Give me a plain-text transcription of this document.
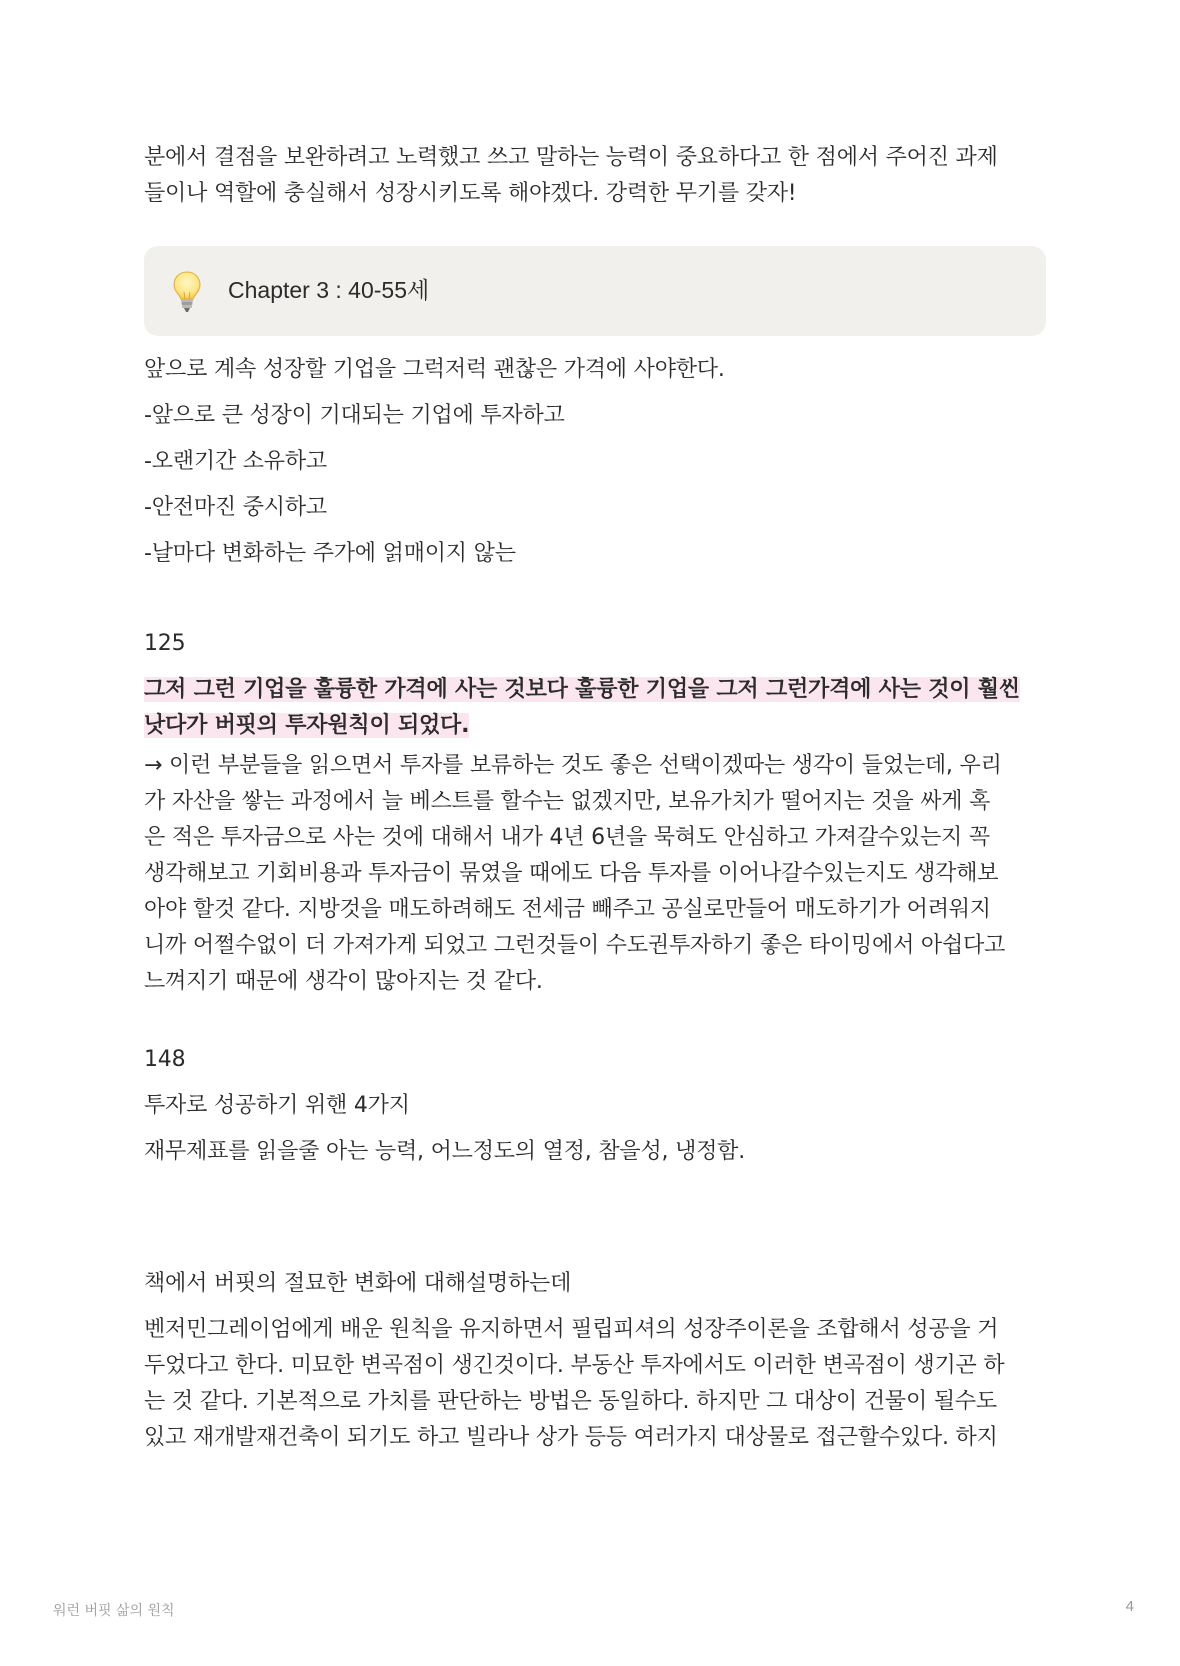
분에서 결점을 보완하려고 노력했고 쓰고 말하는 능력이 중요하다고 한 점에서 주어진 과제

들이나 역할에 충실해서 성장시키도록 해야겠다. 강력한 무기를 갖자!

Chapter 3 : 40-55세

앞으로 계속 성장할 기업을 그럭저럭 괜찮은 가격에 사야한다.

-앞으로 큰 성장이 기대되는 기업에 투자하고

-오랜기간 소유하고

-안전마진 중시하고

-날마다 변화하는 주가에 얽매이지 않는

125

그저 그런 기업을 훌륭한 가격에 사는 것보다 훌륭한 기업을 그저 그런가격에 사는 것이 훨씬

낫다가 버핏의 투자원칙이 되었다.

→ 이런 부분들을 읽으면서 투자를 보류하는 것도 좋은 선택이겠따는 생각이 들었는데, 우리

가 자산을 쌓는 과정에서 늘 베스트를 할수는 없겠지만, 보유가치가 떨어지는 것을 싸게 혹

은 적은 투자금으로 사는 것에 대해서 내가 4년 6년을 묵혀도 안심하고 가져갈수있는지 꼭

생각해보고 기회비용과 투자금이 묶였을 때에도 다음 투자를 이어나갈수있는지도 생각해보

아야 할것 같다. 지방것을 매도하려해도 전세금 빼주고 공실로만들어 매도하기가 어려워지

니까 어쩔수없이 더 가져가게 되었고 그런것들이 수도권투자하기 좋은 타이밍에서 아쉽다고

느껴지기 때문에 생각이 많아지는 것 같다.

148

투자로 성공하기 위핸 4가지

재무제표를 읽을줄 아는 능력, 어느정도의 열정, 참을성, 냉정함.

책에서 버핏의 절묘한 변화에 대해설명하는데

벤저민그레이엄에게 배운 원칙을 유지하면서 필립피셔의 성장주이론을 조합해서 성공을 거

두었다고 한다. 미묘한 변곡점이 생긴것이다. 부동산 투자에서도 이러한 변곡점이 생기곤 하

는 것 같다. 기본적으로 가치를 판단하는 방법은 동일하다. 하지만 그 대상이 건물이 될수도

있고 재개발재건축이 되기도 하고 빌라나 상가 등등 여러가지 대상물로 접근할수있다. 하지

워런 버핏 삶의 원칙	4
